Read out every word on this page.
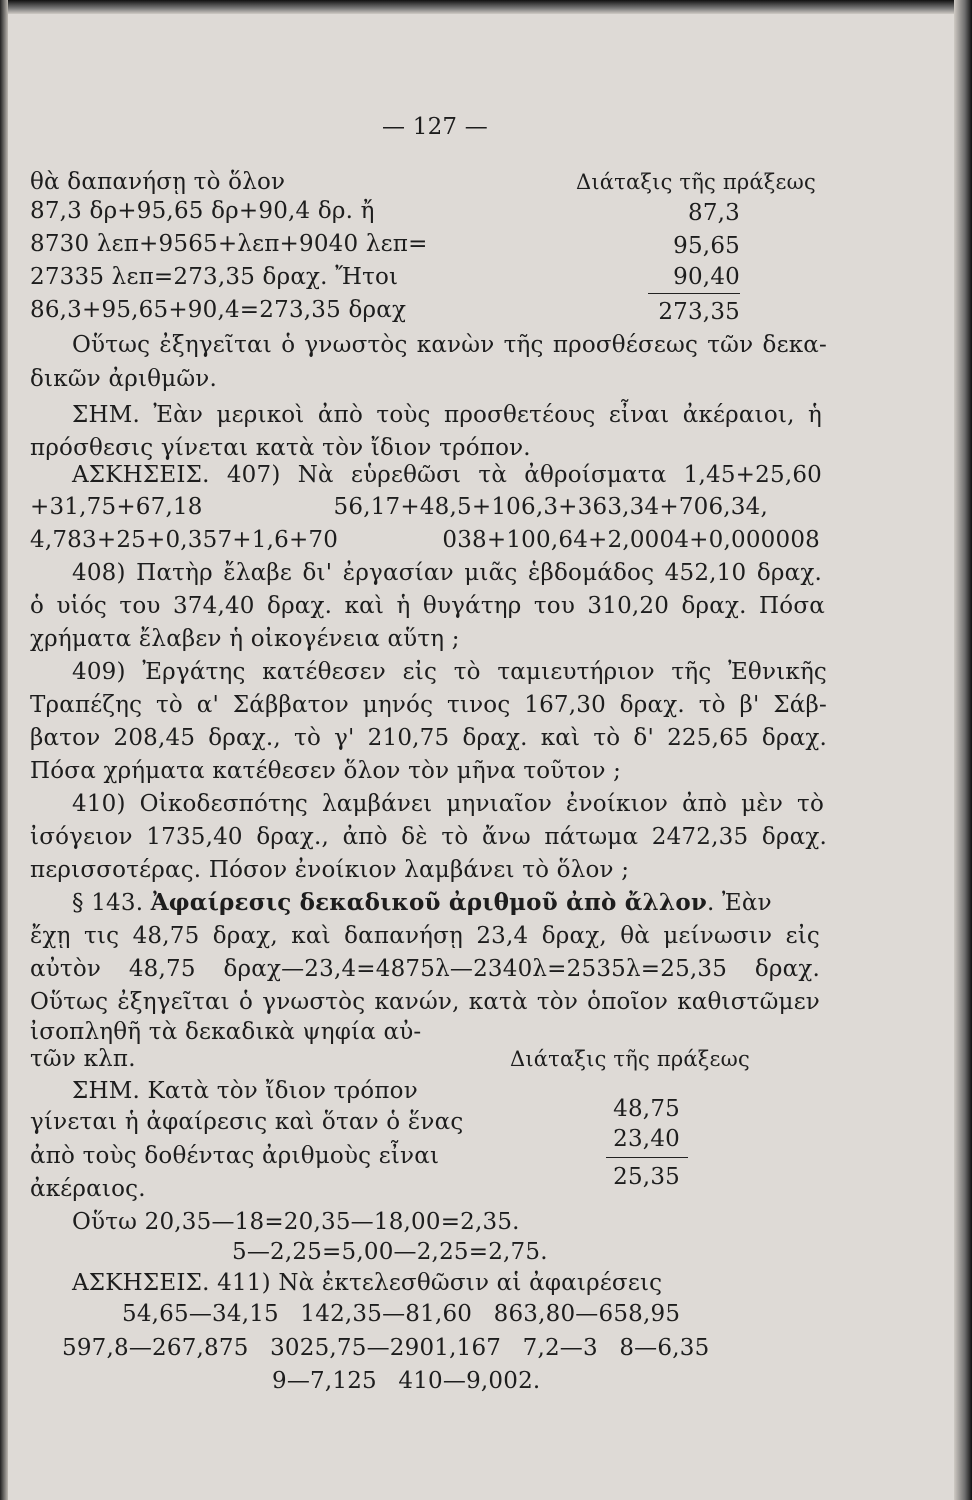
— 127 —
θὰ δαπανήσῃ τὸ ὅλον
87,3 δρ+95,65 δρ+90,4 δρ. ἤ
8730 λεπ+9565+λεπ+9040 λεπ=
27335 λεπ=273,35 δραχ. Ἤτοι
86,3+95,65+90,4=273,35 δραχ
Διάταξις τῆς πράξεως
87,3
95,65
90,40
273,35
Οὕτως ἐξηγεῖται ὁ γνωστὸς κανὼν τῆς προσθέσεως τῶν δεκα-
δικῶν ἀριθμῶν.
ΣΗΜ. Ἐὰν μερικοὶ ἀπὸ τοὺς προσθετέους εἶναι ἀκέραιοι, ἡ
πρόσθεσις γίνεται κατὰ τὸν ἴδιον τρόπον.
ΑΣΚΗΣΕΙΣ. 407) Νὰ εὑρεθῶσι τὰ ἀθροίσματα 1,45+25,60
+31,75+67,18 56,17+48,5+106,3+363,34+706,34,
4,783+25+0,357+1,6+70 038+100,64+2,0004+0,000008
408) Πατὴρ ἔλαβε δι' ἐργασίαν μιᾶς ἑβδομάδος 452,10 δραχ.
ὁ υἱός του 374,40 δραχ. καὶ ἡ θυγάτηρ του 310,20 δραχ. Πόσα
χρήματα ἔλαβεν ἡ οἰκογένεια αὕτη ;
409) Ἐργάτης κατέθεσεν εἰς τὸ ταμιευτήριον τῆς Ἐθνικῆς
Τραπέζης τὸ α' Σάββατον μηνός τινος 167,30 δραχ. τὸ β' Σάβ-
βατον 208,45 δραχ., τὸ γ' 210,75 δραχ. καὶ τὸ δ' 225,65 δραχ.
Πόσα χρήματα κατέθεσεν ὅλον τὸν μῆνα τοῦτον ;
410) Οἰκοδεσπότης λαμβάνει μηνιαῖον ἐνοίκιον ἀπὸ μὲν τὸ
ἰσόγειον 1735,40 δραχ., ἀπὸ δὲ τὸ ἄνω πάτωμα 2472,35 δραχ.
περισσοτέρας. Πόσον ἐνοίκιον λαμβάνει τὸ ὅλον ;
§ 143. Ἀφαίρεσις δεκαδικοῦ ἀριθμοῦ ἀπὸ ἄλλον. Ἐὰν
ἔχῃ τις 48,75 δραχ, καὶ δαπανήσῃ 23,4 δραχ, θὰ μείνωσιν εἰς
αὐτὸν 48,75 δραχ—23,4=4875λ—2340λ=2535λ=25,35 δραχ.
Οὕτως ἐξηγεῖται ὁ γνωστὸς κανών, κατὰ τὸν ὁποῖον καθιστῶμεν
ἰσοπληθῆ τὰ δεκαδικὰ ψηφία αὐ-
τῶν κλπ.	Διάταξις τῆς πράξεως
ΣΗΜ. Κατὰ τὸν ἴδιον τρόπον
γίνεται ἡ ἀφαίρεσις καὶ ὅταν ὁ ἕνας
ἀπὸ τοὺς δοθέντας ἀριθμοὺς εἶναι
ἀκέραιος.
48,75
23,40
25,35
Οὕτω 20,35—18=20,35—18,00=2,35.
5—2,25=5,00—2,25=2,75.
ΑΣΚΗΣΕΙΣ. 411) Νὰ ἐκτελεσθῶσιν αἱ ἀφαιρέσεις
54,65—34,15 142,35—81,60 863,80—658,95
597,8—267,875 3025,75—2901,167 7,2—3 8—6,35
9—7,125 410—9,002.
